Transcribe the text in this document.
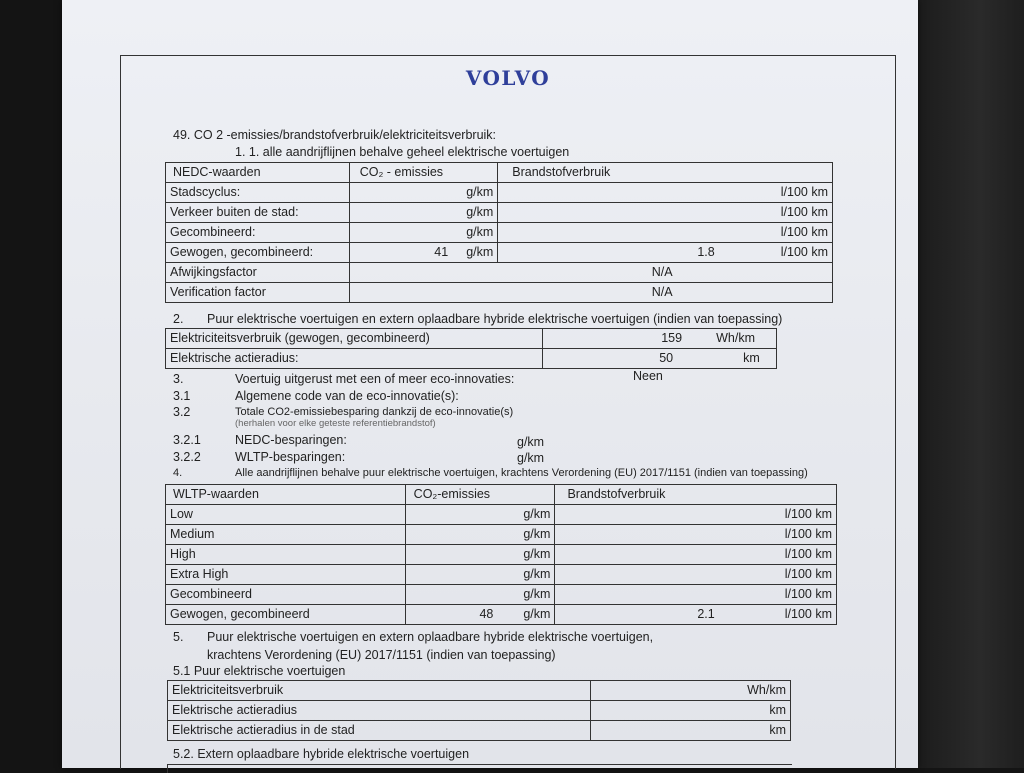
VOLVO
49. CO 2 -emissies/brandstofverbruik/elektriciteitsverbruik:
1. 1. alle aandrijflijnen behalve geheel elektrische voertuigen
NEDC-waarden	CO₂ - emissies	Brandstofverbruik
Stadscyclus:	g/km	l/100 km
Verkeer buiten de stad:	g/km	l/100 km
Gecombineerd:	g/km	l/100 km
Gewogen, gecombineerd:	41 g/km	1.8 l/100 km
Afwijkingsfactor	N/A	
Verification factor	N/A	
2. Puur elektrische voertuigen en extern oplaadbare hybride elektrische voertuigen (indien van toepassing)
Elektriciteitsverbruik (gewogen, gecombineerd)	159 Wh/km
Elektrische actieradius:	50 km
3.	Voertuig uitgerust met een of meer eco-innovaties:	Neen
3.1	Algemene code van de eco-innovatie(s):
3.2	Totale CO2-emissiebesparing dankzij de eco-innovatie(s)
(herhalen voor elke geteste referentiebrandstof)
3.2.1	NEDC-besparingen:	g/km
3.2.2	WLTP-besparingen:	g/km
4.	Alle aandrijflijnen behalve puur elektrische voertuigen, krachtens Verordening (EU) 2017/1151 (indien van toepassing)
WLTP-waarden	CO₂-emissies	Brandstofverbruik
Low	g/km	l/100 km
Medium	g/km	l/100 km
High	g/km	l/100 km
Extra High	g/km	l/100 km
Gecombineerd	g/km	l/100 km
Gewogen, gecombineerd	48 g/km	2.1 l/100 km
5. Puur elektrische voertuigen en extern oplaadbare hybride elektrische voertuigen,
krachtens Verordening (EU) 2017/1151 (indien van toepassing)
5.1 Puur elektrische voertuigen
Elektriciteitsverbruik	Wh/km
Elektrische actieradius	km
Elektrische actieradius in de stad	km
5.2. Extern oplaadbare hybride elektrische voertuigen
